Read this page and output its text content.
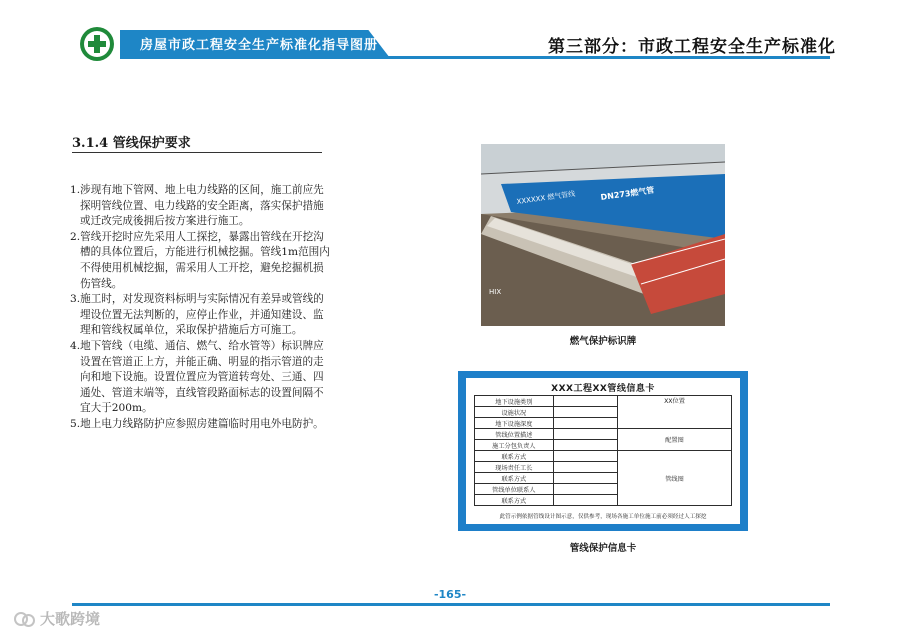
房屋市政工程安全生产标准化指导图册	第三部分：市政工程安全生产标准化
3.1.4 管线保护要求
1.涉现有地下管网、地上电力线路的区间，施工前应先探明管线位置、电力线路的安全距离，落实保护措施或迁改完成後拥后按方案进行施工。
2.管线开挖时应先采用人工探挖，暴露出管线在开挖沟槽的具体位置后，方能进行机械挖掘。管线1m范围内不得使用机械挖掘，需采用人工开挖，避免挖掘机损伤管线。
3.施工时，对发现资料标明与实际情况有差异或管线的埋设位置无法判断的，应停止作业，并通知建设、监理和管线权属单位，采取保护措施后方可施工。
4.地下管线（电缆、通信、燃气、给水管等）标识牌应设置在管道正上方，并能正确、明显的指示管道的走向和地下设施。设置位置应为管道转弯处、三通、四通处、管道末端等，直线管段路面标志的设置间隔不宜大于200m。
5.地上电力线路防护应参照房建篇临时用电外电防护。
XXXXXX 燃气管线	DN273燃气管
HIX
燃气保护标识牌
XXX工程XX管线信息卡
地下设施类别		XX位置
设施状况		
地下设施深度		
管线位置描述		配置图
施工分包负责人		
联系方式		管线图
现场责任工长		
联系方式		
管线单位联系人		
联系方式		
此管示例依据管线设计图示意，仅供参考，现场各施工单位施工前必须经过人工探挖
管线保护信息卡
-165-
大歌跨境
